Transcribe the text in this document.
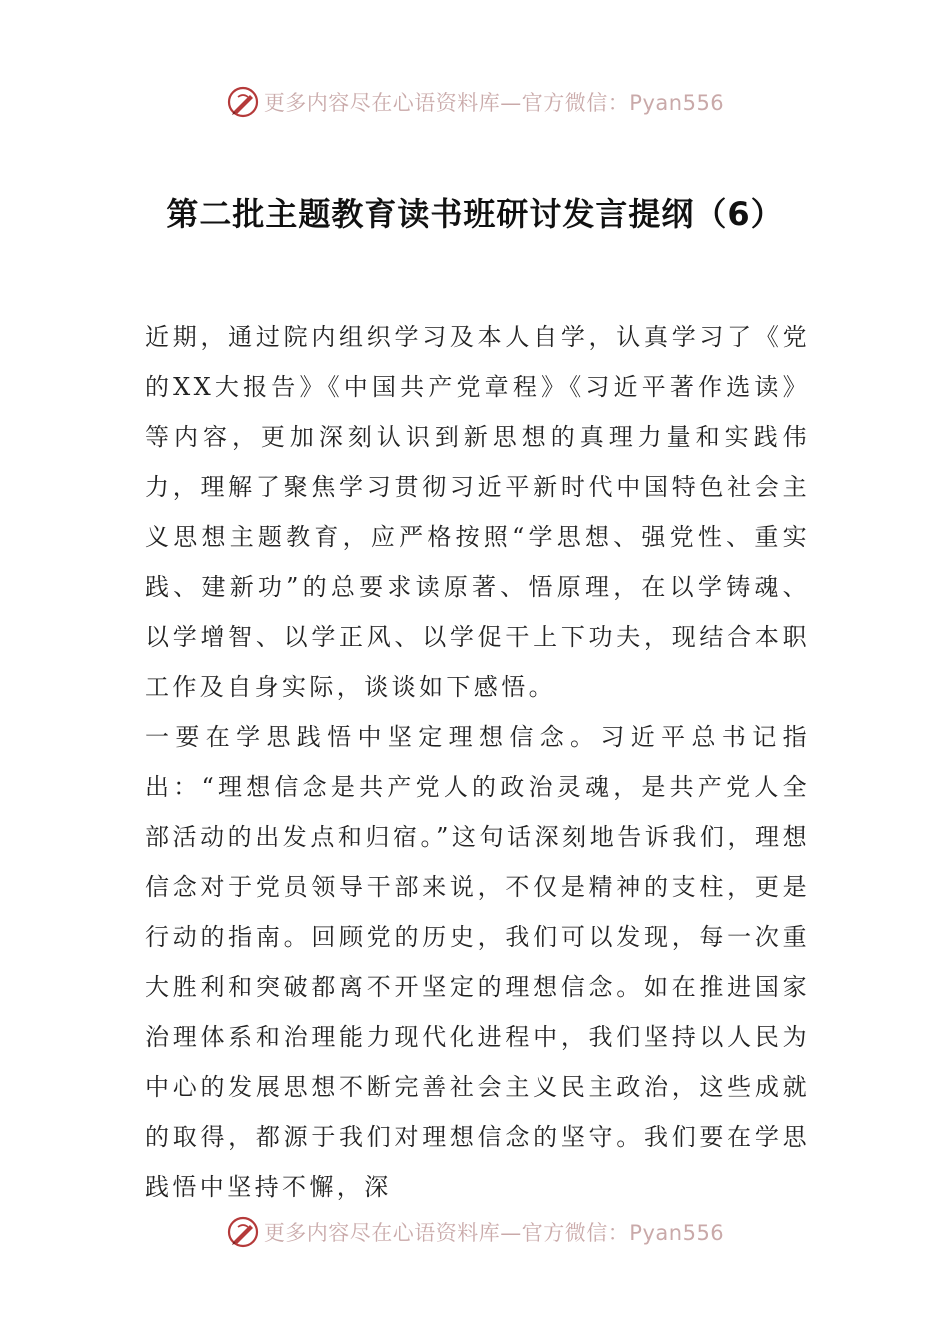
更多内容尽在心语资料库—官方微信：Pyan556
第二批主题教育读书班研讨发言提纲（6）

近期，通过院内组织学习及本人自学，认真学习了《党的XX大报告》《中国共产党章程》《习近平著作选读》等内容，更加深刻认识到新思想的真理力量和实践伟力，理解了聚焦学习贯彻习近平新时代中国特色社会主义思想主题教育，应严格按照“学思想、强党性、重实践、建新功”的总要求读原著、悟原理，在以学铸魂、以学增智、以学正风、以学促干上下功夫，现结合本职工作及自身实际，谈谈如下感悟。

一要在学思践悟中坚定理想信念。习近平总书记指出：“理想信念是共产党人的政治灵魂，是共产党人全部活动的出发点和归宿。”这句话深刻地告诉我们，理想信念对于党员领导干部来说，不仅是精神的支柱，更是行动的指南。回顾党的历史，我们可以发现，每一次重大胜利和突破都离不开坚定的理想信念。如在推进国家治理体系和治理能力现代化进程中，我们坚持以人民为中心的发展思想不断完善社会主义民主政治，这些成就的取得，都源于我们对理想信念的坚守。我们要在学思践悟中坚持不懈，深

更多内容尽在心语资料库—官方微信：Pyan556
